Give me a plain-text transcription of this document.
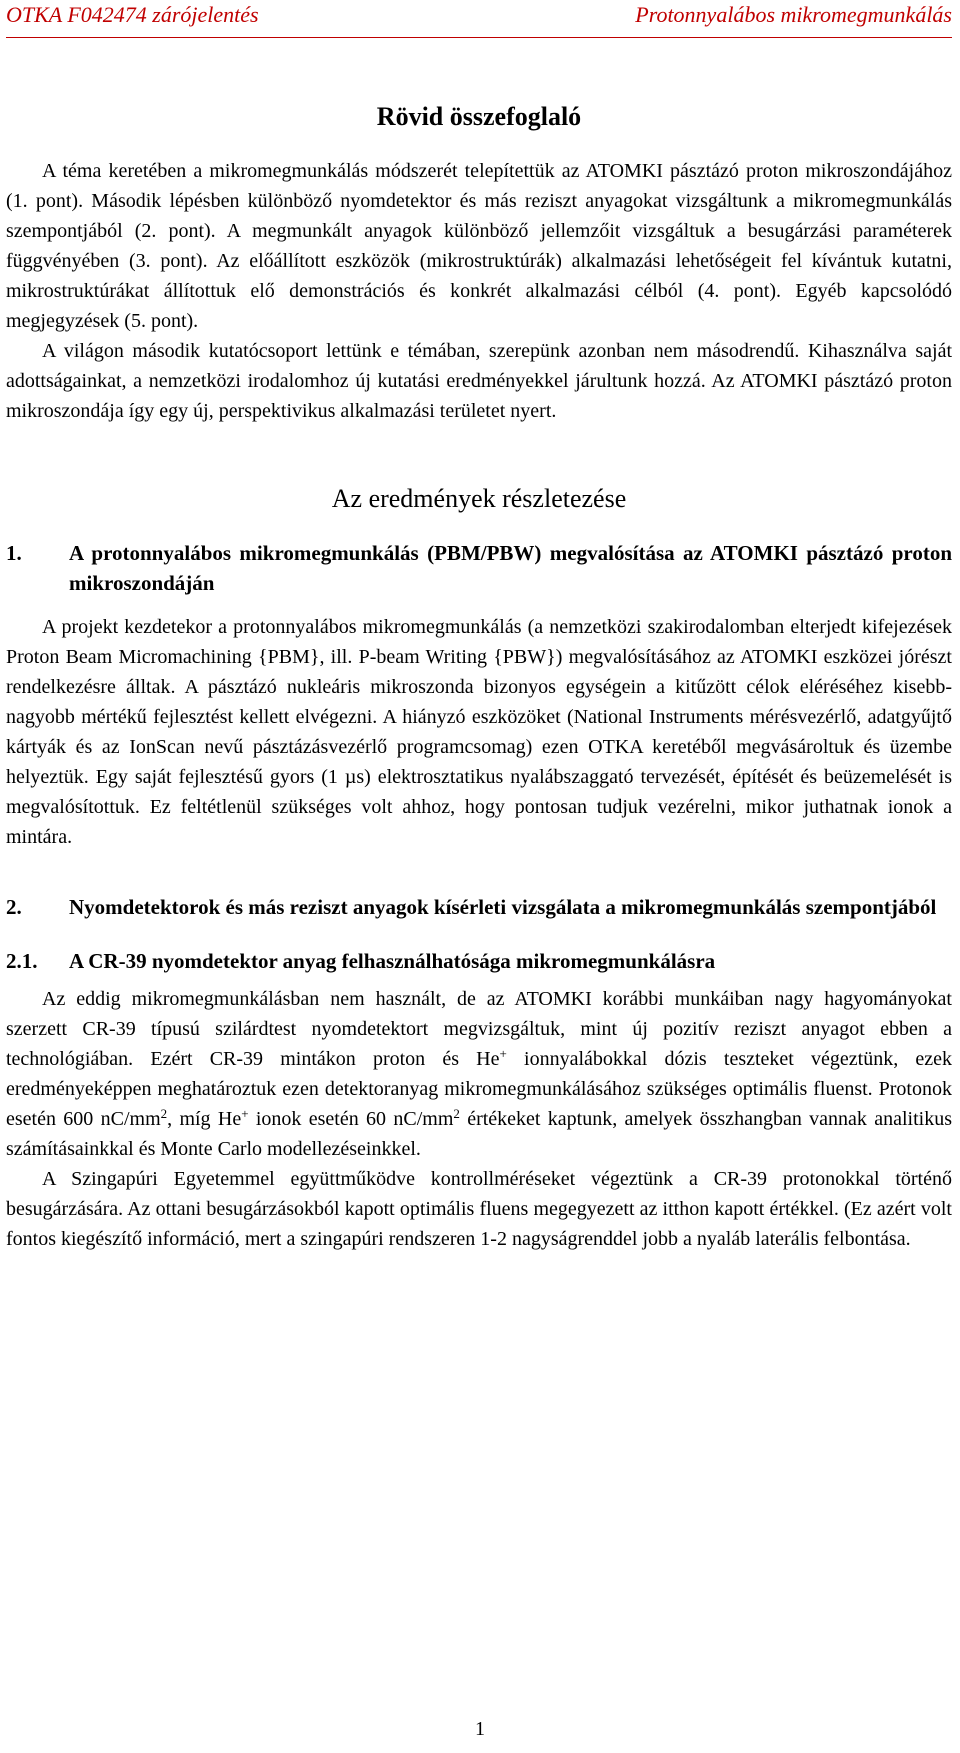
OTKA F042474 zárójelentés	Protonnyalábos mikromegmunkálás
Rövid összefoglaló

A téma keretében a mikromegmunkálás módszerét telepítettük az ATOMKI pásztázó proton mikroszondájához (1. pont). Második lépésben különböző nyomdetektor és más reziszt anyagokat vizsgáltunk a mikromegmunkálás szempontjából (2. pont). A megmunkált anyagok különböző jellemzőit vizsgáltuk a besugárzási paraméterek függvényében (3. pont). Az előállított eszközök (mikrostruktúrák) alkalmazási lehetőségeit fel kívántuk kutatni, mikrostruktúrákat állítottuk elő demonstrációs és konkrét alkalmazási célból (4. pont). Egyéb kapcsolódó megjegyzések (5. pont).

A világon második kutatócsoport lettünk e témában, szerepünk azonban nem másodrendű. Kihasználva saját adottságainkat, a nemzetközi irodalomhoz új kutatási eredményekkel járultunk hozzá. Az ATOMKI pásztázó proton mikroszondája így egy új, perspektivikus alkalmazási területet nyert.

Az eredmények részletezése
1.	A protonnyalábos mikromegmunkálás (PBM/PBW) megvalósítása az ATOMKI pásztázó proton mikroszondáján

A projekt kezdetekor a protonnyalábos mikromegmunkálás (a nemzetközi szakirodalomban elterjedt kifejezések Proton Beam Micromachining {PBM}, ill. P-beam Writing {PBW}) megvalósításához az ATOMKI eszközei jórészt rendelkezésre álltak. A pásztázó nukleáris mikroszonda bizonyos egységein a kitűzött célok eléréséhez kisebb-nagyobb mértékű fejlesztést kellett elvégezni. A hiányzó eszközöket (National Instruments mérésvezérlő, adatgyűjtő kártyák és az IonScan nevű pásztázásvezérlő programcsomag) ezen OTKA keretéből megvásároltuk és üzembe helyeztük. Egy saját fejlesztésű gyors (1 µs) elektrosztatikus nyalábszaggató tervezését, építését és beüzemelését is megvalósítottuk. Ez feltétlenül szükséges volt ahhoz, hogy pontosan tudjuk vezérelni, mikor juthatnak ionok a mintára.

2.	Nyomdetektorok és más reziszt anyagok kísérleti vizsgálata a mikromegmunkálás szempontjából
2.1.	A CR-39 nyomdetektor anyag felhasználhatósága mikromegmunkálásra

Az eddig mikromegmunkálásban nem használt, de az ATOMKI korábbi munkáiban nagy hagyományokat szerzett CR-39 típusú szilárdtest nyomdetektort megvizsgáltuk, mint új pozitív reziszt anyagot ebben a technológiában. Ezért CR-39 mintákon proton és He+ ionnyalábokkal dózis teszteket végeztünk, ezek eredményeképpen meghatároztuk ezen detektoranyag mikromegmunkálásához szükséges optimális fluenst. Protonok esetén 600 $nC/mm^2$, míg He+ ionok esetén 60 $nC/mm^2$ értékeket kaptunk, amelyek összhangban vannak analitikus számításainkkal és Monte Carlo modellezéseinkkel.

A Szingapúri Egyetemmel együttműködve kontrollméréseket végeztünk a CR-39 protonokkal történő besugárzására. Az ottani besugárzásokból kapott optimális fluens megegyezett az itthon kapott értékkel. (Ez azért volt fontos kiegészítő információ, mert a szingapúri rendszeren 1-2 nagyságrenddel jobb a nyaláb laterális felbontása.

1
